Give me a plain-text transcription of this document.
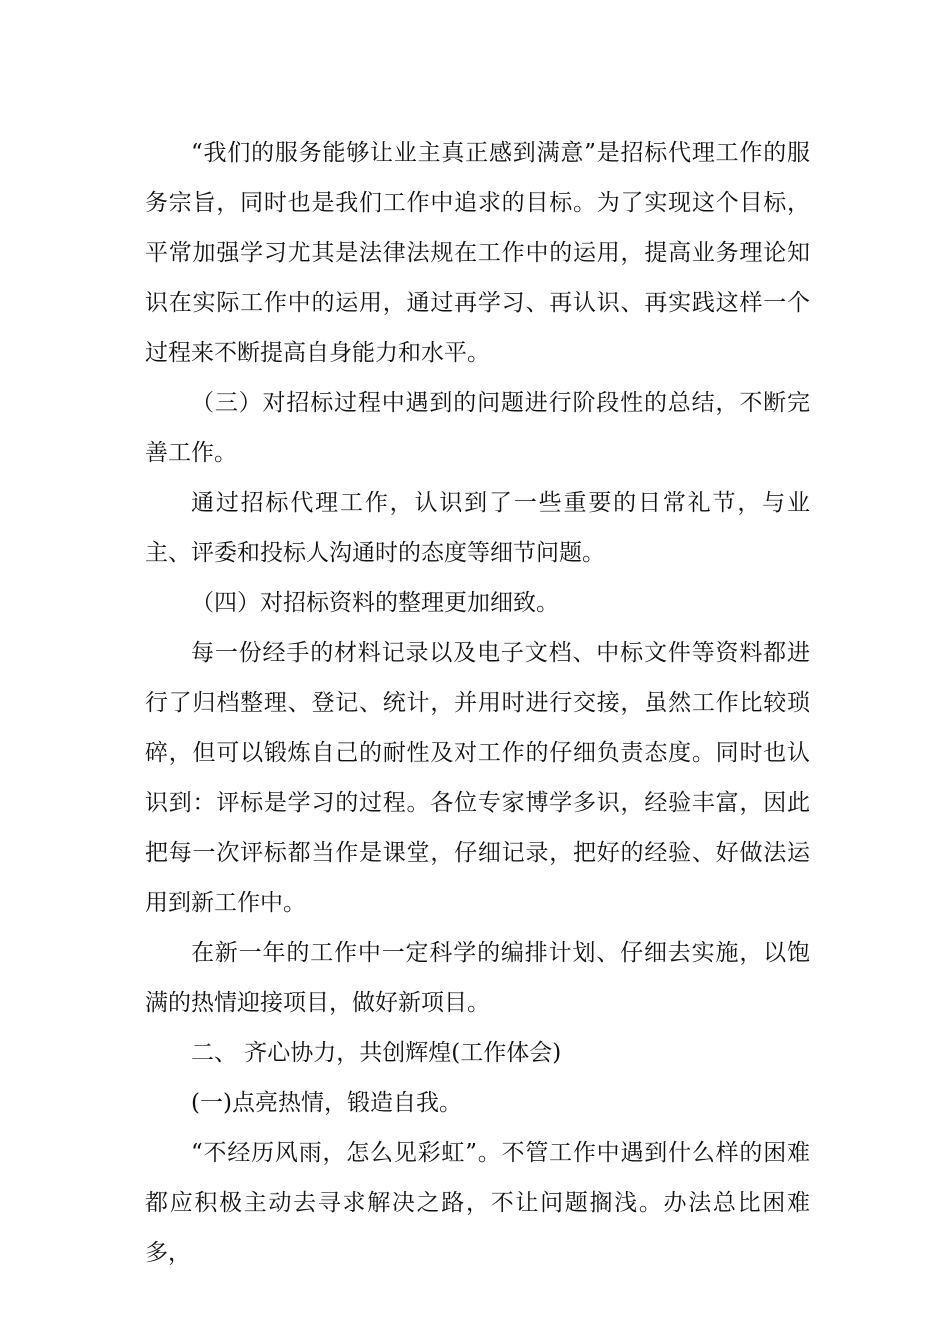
“我们的服务能够让业主真正感到满意”是招标代理工作的服务宗旨，同时也是我们工作中追求的目标。为了实现这个目标，平常加强学习尤其是法律法规在工作中的运用，提高业务理论知识在实际工作中的运用，通过再学习、再认识、再实践这样一个过程来不断提高自身能力和水平。

（三）对招标过程中遇到的问题进行阶段性的总结，不断完善工作。

通过招标代理工作，认识到了一些重要的日常礼节，与业主、评委和投标人沟通时的态度等细节问题。

（四）对招标资料的整理更加细致。

每一份经手的材料记录以及电子文档、中标文件等资料都进行了归档整理、登记、统计，并用时进行交接，虽然工作比较琐碎，但可以锻炼自己的耐性及对工作的仔细负责态度。同时也认识到：评标是学习的过程。各位专家博学多识，经验丰富，因此把每一次评标都当作是课堂，仔细记录，把好的经验、好做法运用到新工作中。

在新一年的工作中一定科学的编排计划、仔细去实施，以饱满的热情迎接项目，做好新项目。

二、 齐心协力，共创辉煌(工作体会)

(一)点亮热情，锻造自我。

“不经历风雨，怎么见彩虹”。不管工作中遇到什么样的困难都应积极主动去寻求解决之路，不让问题搁浅。办法总比困难多，
